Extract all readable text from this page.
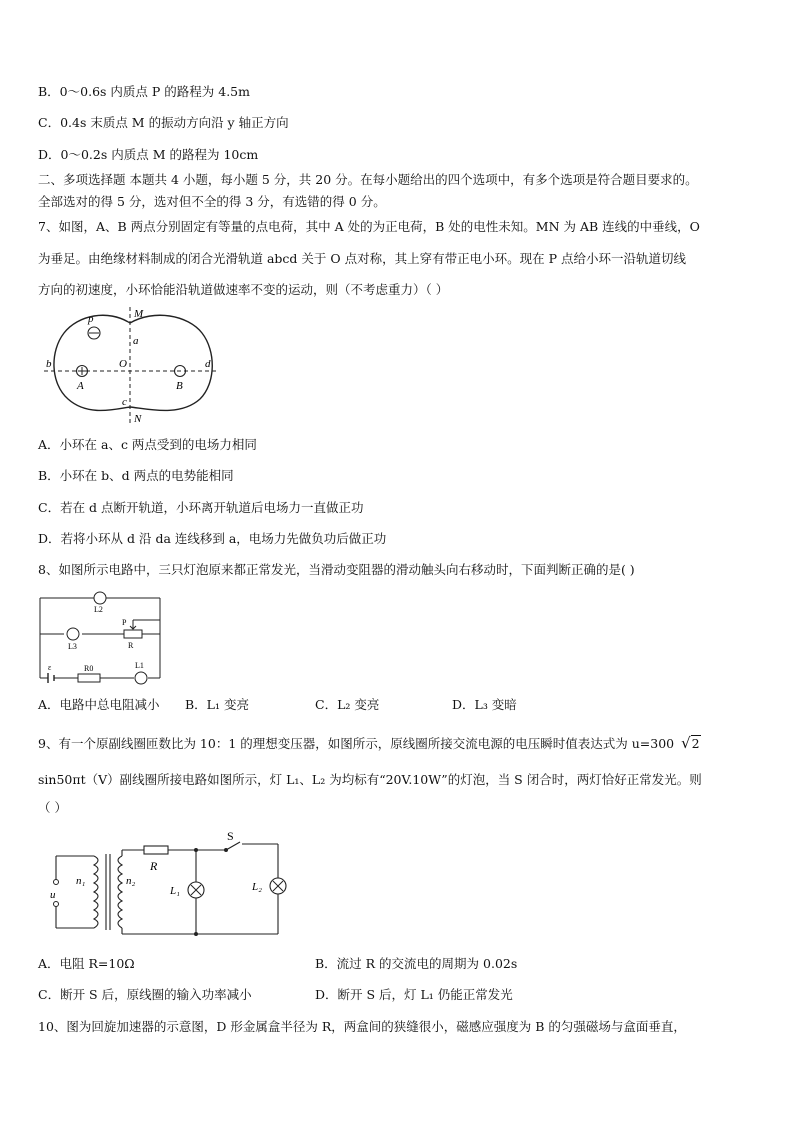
B．0～0.6s 内质点 P 的路程为 4.5m
C．0.4s 末质点 M 的振动方向沿 y 轴正方向
D．0～0.2s 内质点 M 的路程为 10cm
二、多项选择题 本题共 4 小题，每小题 5 分，共 20 分。在每小题给出的四个选项中，有多个选项是符合题目要求的。
全部选对的得 5 分，选对但不全的得 3 分，有选错的得 0 分。
7、如图，A、B 两点分别固定有等量的点电荷，其中 A 处的为正电荷，B 处的电性未知。MN 为 AB 连线的中垂线，O
为垂足。由绝缘材料制成的闭合光滑轨道 abcd 关于 O 点对称，其上穿有带正电小环。现在 P 点给小环一沿轨道切线
方向的初速度，小环恰能沿轨道做速率不变的运动，则（不考虑重力）（ ）
p	M
a
b	O	d
A	B
c
N
A．小环在 a、c 两点受到的电场力相同
B．小环在 b、d 两点的电势能相同
C．若在 d 点断开轨道，小环离开轨道后电场力一直做正功
D．若将小环从 d 沿 da 连线移到 a，电场力先做负功后做正功
8、如图所示电路中，三只灯泡原来都正常发光，当滑动变阻器的滑动触头向右移动时，下面判断正确的是( )
L2
P
R
L3
ε	R0	L1
A．电路中总电阻减小 B．L₁ 变亮	C．L₂ 变亮	D．L₃ 变暗
9、有一个原副线圈匝数比为 10：1 的理想变压器，如图所示，原线圈所接交流电源的电压瞬时值表达式为 u=300 √2
sin50πt（V）副线圈所接电路如图所示，灯 L₁、L₂ 为均标有“20V.10W”的灯泡，当 S 闭合时，两灯恰好正常发光。则
（ ）
S
R
n₁	n₂
u	L₁	L₂
A．电阻 R=10Ω	B．流过 R 的交流电的周期为 0.02s
C．断开 S 后，原线圈的输入功率减小	D．断开 S 后，灯 L₁ 仍能正常发光
10、图为回旋加速器的示意图，D 形金属盒半径为 R，两盒间的狭缝很小，磁感应强度为 B 的匀强磁场与盒面垂直，
